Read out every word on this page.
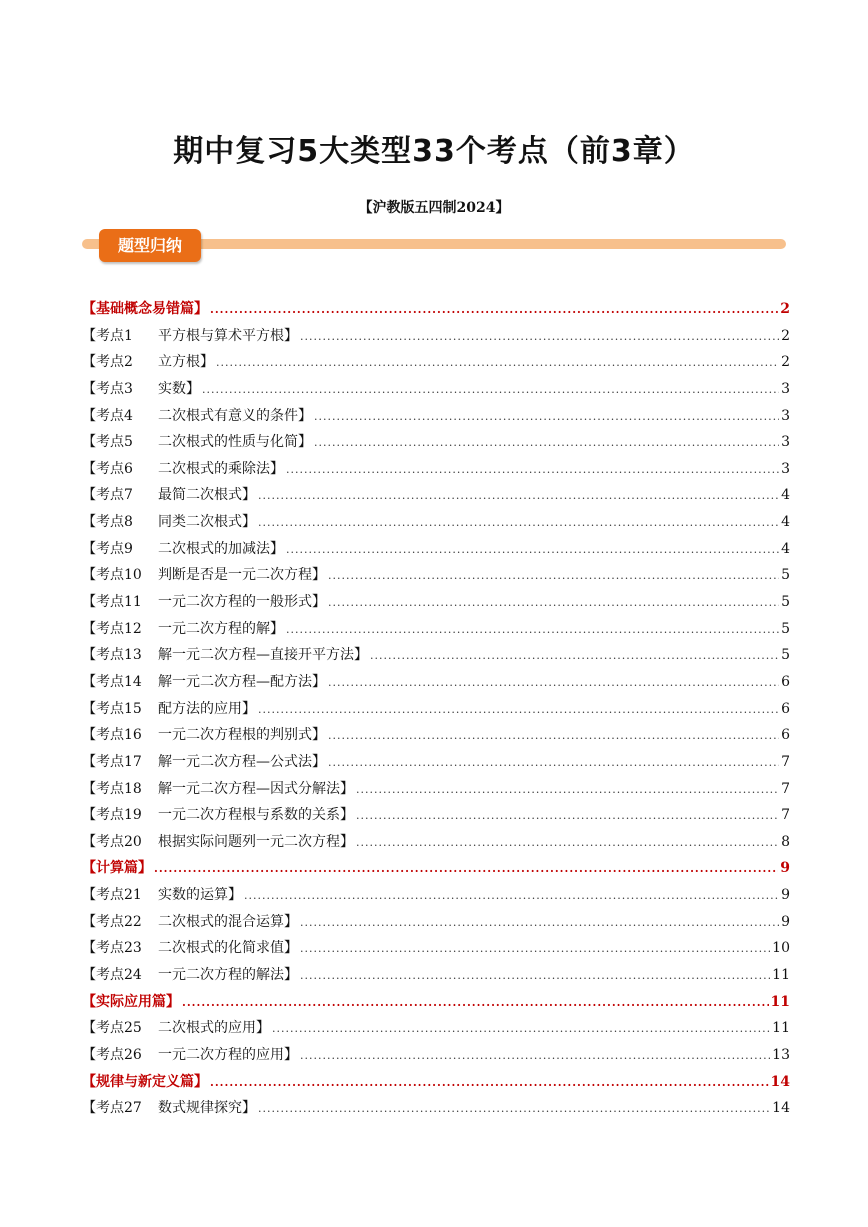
期中复习5大类型33个考点（前3章）
【沪教版五四制2024】
题型归纳
【基础概念易错篇】 .....	2
【考点1 平方根与算术平方根】 .....	2
【考点2 立方根】 .....	2
【考点3 实数】 .....	3
【考点4 二次根式有意义的条件】 .....	3
【考点5 二次根式的性质与化简】 .....	3
【考点6 二次根式的乘除法】 .....	3
【考点7 最简二次根式】 .....	4
【考点8 同类二次根式】 .....	4
【考点9 二次根式的加减法】 .....	4
【考点10 判断是否是一元二次方程】 .....	5
【考点11 一元二次方程的一般形式】 .....	5
【考点12 一元二次方程的解】 .....	5
【考点13 解一元二次方程—直接开平方法】 .....	5
【考点14 解一元二次方程—配方法】 .....	6
【考点15 配方法的应用】 .....	6
【考点16 一元二次方程根的判别式】 .....	6
【考点17 解一元二次方程—公式法】 .....	7
【考点18 解一元二次方程—因式分解法】 .....	7
【考点19 一元二次方程根与系数的关系】 .....	7
【考点20 根据实际问题列一元二次方程】 .....	8
【计算篇】 .....	9
【考点21 实数的运算】 .....	9
【考点22 二次根式的混合运算】 .....	9
【考点23 二次根式的化简求值】 .....	10
【考点24 一元二次方程的解法】 .....	11
【实际应用篇】 .....	11
【考点25 二次根式的应用】 .....	11
【考点26 一元二次方程的应用】 .....	13
【规律与新定义篇】 .....	14
【考点27 数式规律探究】 .....	14
